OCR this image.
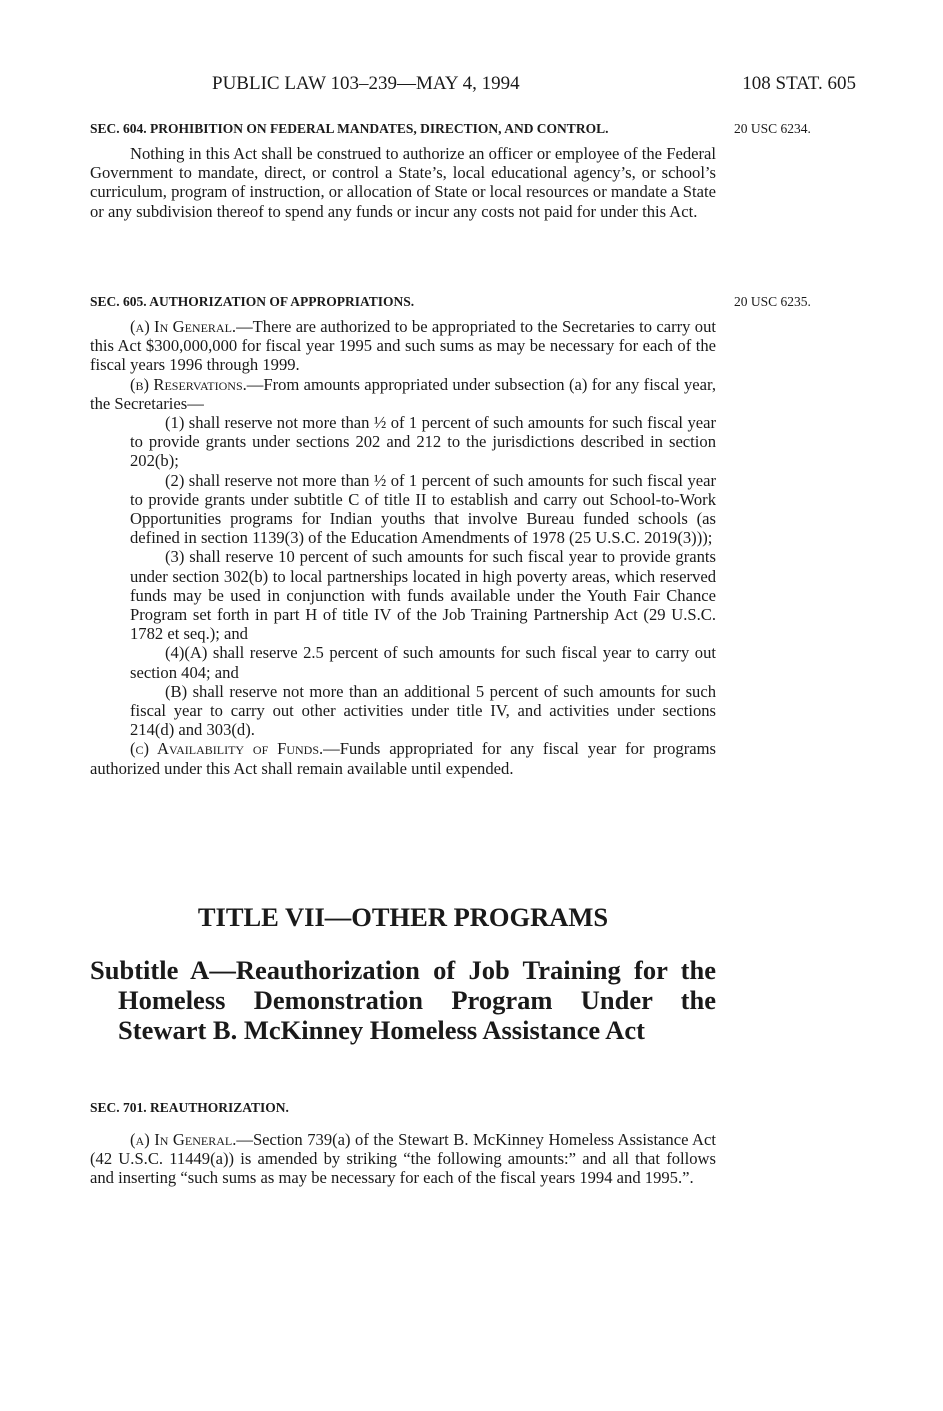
PUBLIC LAW 103–239—MAY 4, 1994	108 STAT. 605
20 USC 6234.
SEC. 604. PROHIBITION ON FEDERAL MANDATES, DIRECTION, AND CONTROL.

Nothing in this Act shall be construed to authorize an officer or employee of the Federal Government to mandate, direct, or control a State’s, local educational agency’s, or school’s curriculum, program of instruction, or allocation of State or local resources or mandate a State or any subdivision thereof to spend any funds or incur any costs not paid for under this Act.

20 USC 6235.
SEC. 605. AUTHORIZATION OF APPROPRIATIONS.

(a) In General.—There are authorized to be appropriated to the Secretaries to carry out this Act $300,000,000 for fiscal year 1995 and such sums as may be necessary for each of the fiscal years 1996 through 1999.

(b) Reservations.—From amounts appropriated under subsection (a) for any fiscal year, the Secretaries—

(1) shall reserve not more than ½ of 1 percent of such amounts for such fiscal year to provide grants under sections 202 and 212 to the jurisdictions described in section 202(b);

(2) shall reserve not more than ½ of 1 percent of such amounts for such fiscal year to provide grants under subtitle C of title II to establish and carry out School-to-Work Opportunities programs for Indian youths that involve Bureau funded schools (as defined in section 1139(3) of the Education Amendments of 1978 (25 U.S.C. 2019(3)));

(3) shall reserve 10 percent of such amounts for such fiscal year to provide grants under section 302(b) to local partnerships located in high poverty areas, which reserved funds may be used in conjunction with funds available under the Youth Fair Chance Program set forth in part H of title IV of the Job Training Partnership Act (29 U.S.C. 1782 et seq.); and

(4)(A) shall reserve 2.5 percent of such amounts for such fiscal year to carry out section 404; and

(B) shall reserve not more than an additional 5 percent of such amounts for such fiscal year to carry out other activities under title IV, and activities under sections 214(d) and 303(d).

(c) Availability of Funds.—Funds appropriated for any fiscal year for programs authorized under this Act shall remain available until expended.

TITLE VII—OTHER PROGRAMS
Subtitle A—Reauthorization of Job Training for the Homeless Demonstration Program Under the Stewart B. McKinney Homeless Assistance Act
SEC. 701. REAUTHORIZATION.

(a) In General.—Section 739(a) of the Stewart B. McKinney Homeless Assistance Act (42 U.S.C. 11449(a)) is amended by striking “the following amounts:” and all that follows and inserting “such sums as may be necessary for each of the fiscal years 1994 and 1995.”.
